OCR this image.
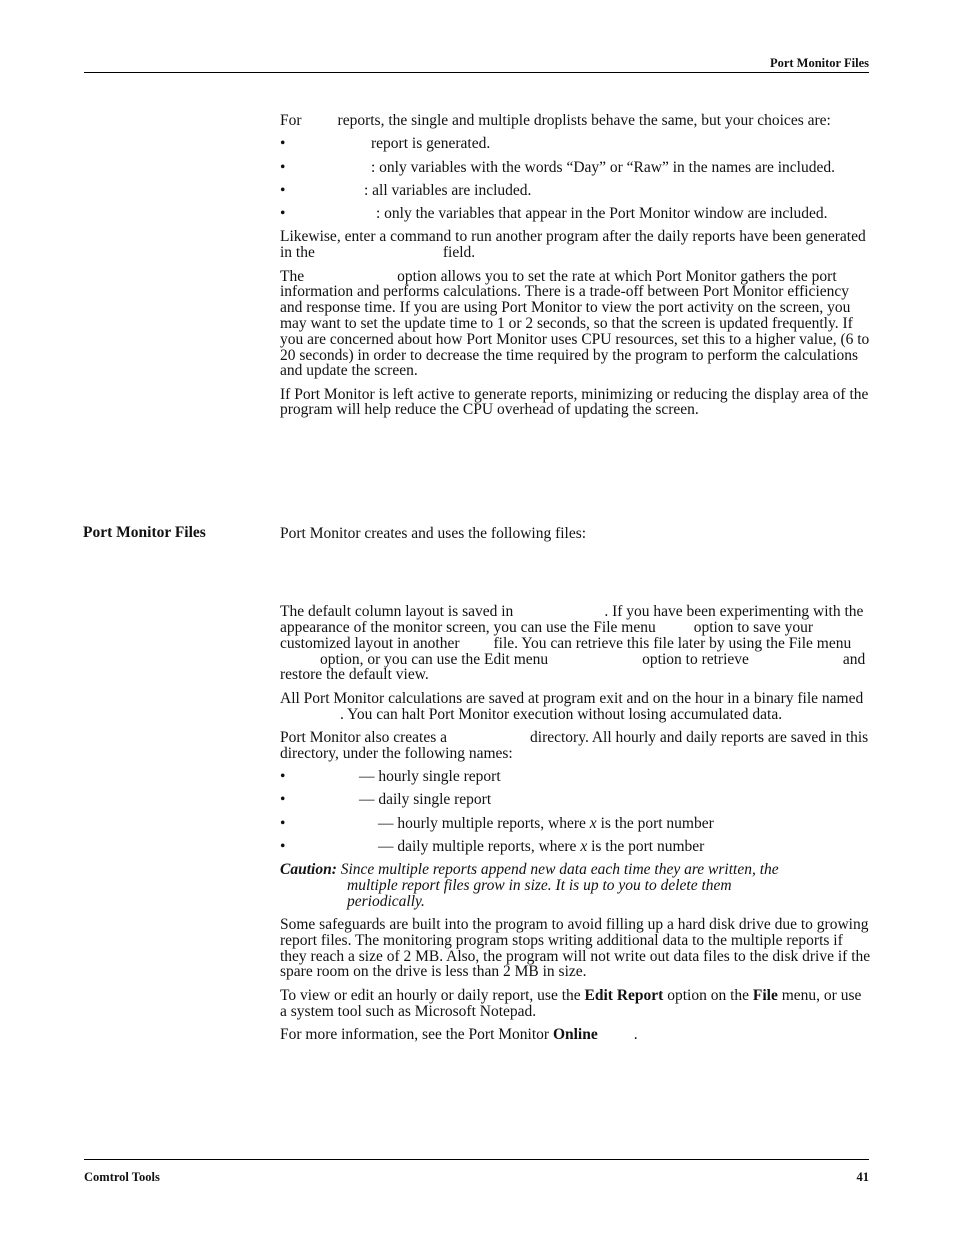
Port Monitor Files

For reports, the single and multiple droplists behave the same, but your choices are:

• report is generated.
• : only variables with the words “Day” or “Raw” in the names are included.
• : all variables are included.
• : only the variables that appear in the Port Monitor window are included.

Likewise, enter a command to run another program after the daily reports have been generated in the	field.

The	option allows you to set the rate at which Port Monitor gathers the port information and performs calculations. There is a trade-off between Port Monitor efficiency and response time. If you are using Port Monitor to view the port activity on the screen, you may want to set the update time to 1 or 2 seconds, so that the screen is updated frequently. If you are concerned about how Port Monitor uses CPU resources, set this to a higher value, (6 to 20 seconds) in order to decrease the time required by the program to perform the calculations and update the screen.

If Port Monitor is left active to generate reports, minimizing or reducing the display area of the program will help reduce the CPU overhead of updating the screen.

Port Monitor Files	Port Monitor creates and uses the following files:

The default column layout is saved in	. If you have been experimenting with the appearance of the monitor screen, you can use the File menu option to save your customized layout in another file. You can retrieve this file later by using the File menuoption, or you can use the Edit menu	option to retrieve	and restore the default view.

All Port Monitor calculations are saved at program exit and on the hour in a binary file named. You can halt Port Monitor execution without losing accumulated data.

Port Monitor also creates a	directory. All hourly and daily reports are saved in this directory, under the following names:

• — hourly single report
• — daily single report
• — hourly multiple reports, where x is the port number
• — daily multiple reports, where x is the port number
Caution: Since multiple reports append new data each time they are written, the
multiple report files grow in size. It is up to you to delete them
periodically.

Some safeguards are built into the program to avoid filling up a hard disk drive due to growing report files. The monitoring program stops writing additional data to the multiple reports if they reach a size of 2 MB. Also, the program will not write out data files to the disk drive if the spare room on the drive is less than 2 MB in size.

To view or edit an hourly or daily report, use the Edit Report option on the File menu, or use a system tool such as Microsoft Notepad.

For more information, see the Port Monitor Online .

Comtrol Tools	41
